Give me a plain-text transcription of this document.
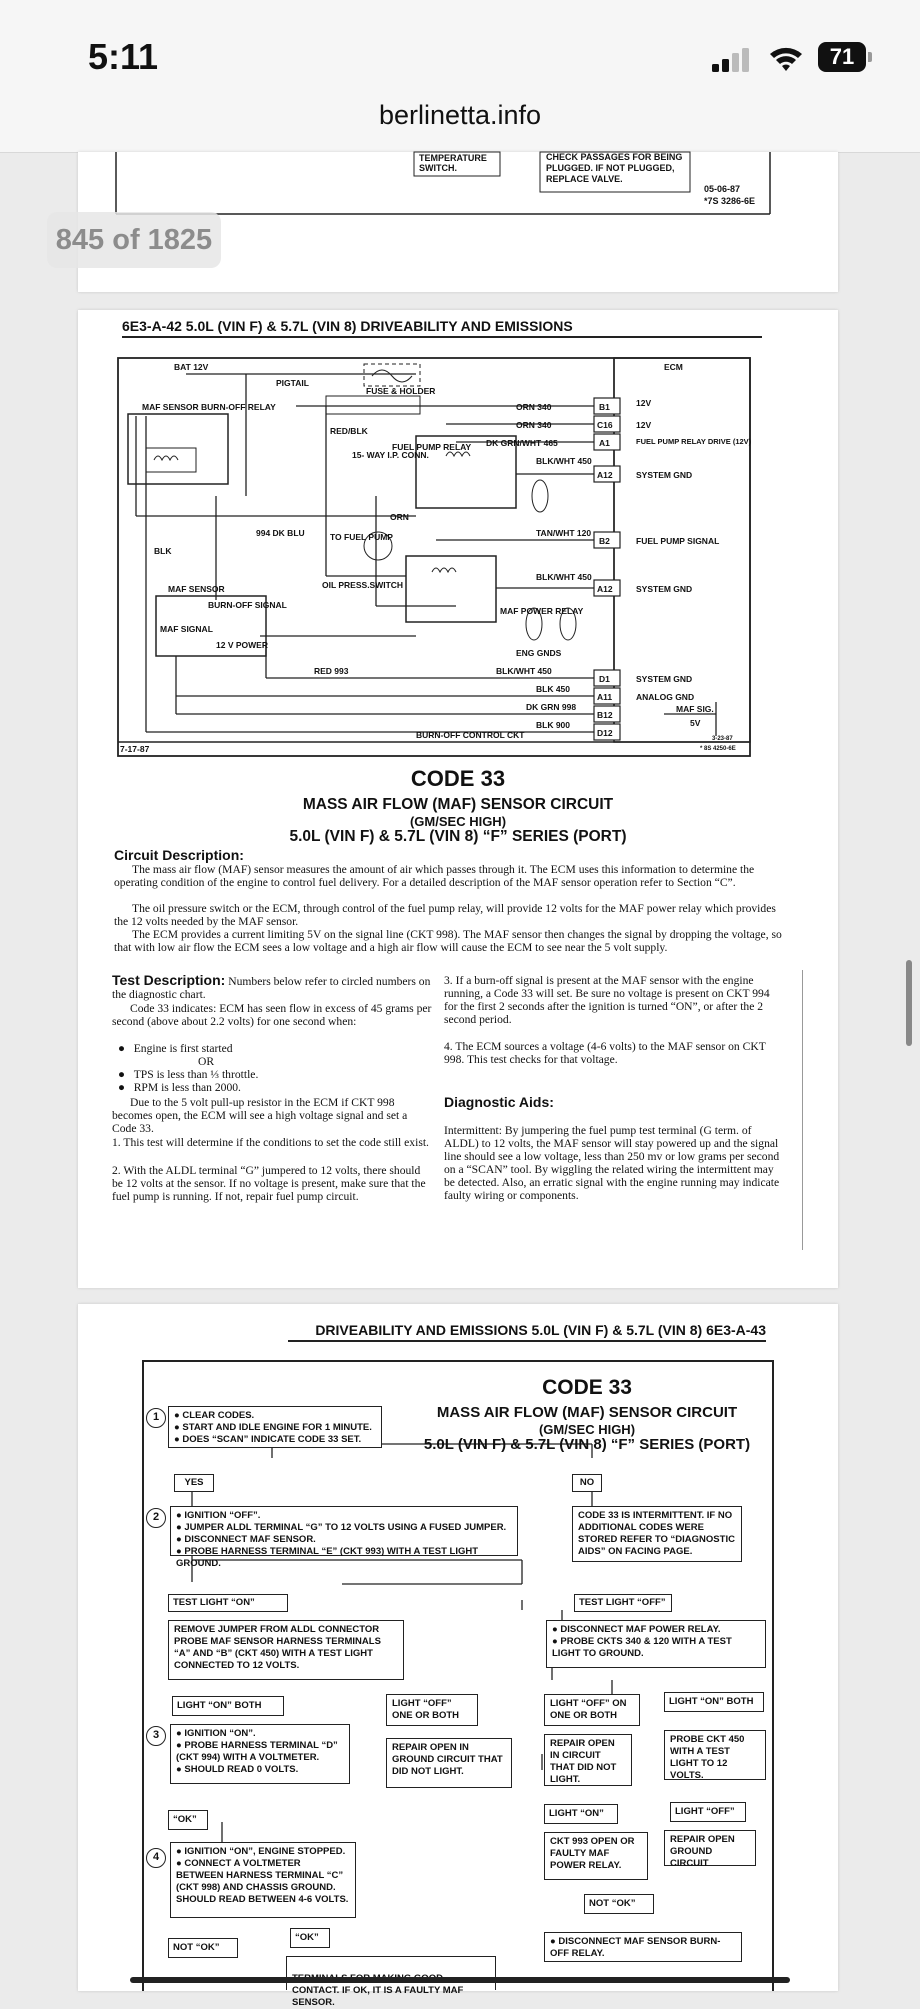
5:11	71
berlinetta.info
TEMPERATURE SWITCH.
CHECK PASSAGES FOR BEING
PLUGGED. IF NOT PLUGGED,
REPLACE VALVE.
05-06-87
*7S 3286-6E
845 of 1825
6E3-A-42 5.0L (VIN F) & 5.7L (VIN 8) DRIVEABILITY AND EMISSIONS
BAT 12V
PIGTAIL
FUSE & HOLDER
ECM
MAF SENSOR BURN-OFF RELAY
994 DK BLU
BLK
RED/BLK
15- WAY I.P. CONN.
FUEL PUMP RELAY
ORN
TO FUEL PUMP
OIL PRESS.SWITCH
MAF SENSOR
BURN-OFF SIGNAL
MAF SIGNAL
12 V POWER
RED 993
MAF POWER RELAY
ENG GNDS
BURN-OFF CONTROL CKT
ORN 340
ORN 340
DK GRN/WHT 465
BLK/WHT 450
TAN/WHT 120
BLK/WHT 450
BLK/WHT 450
BLK 450
DK GRN 998
BLK 900
B1
C16
A1
A12
B2
A12
D1
A11
B12
D12
12V
12V
FUEL PUMP RELAY DRIVE (12V)
SYSTEM GND
FUEL PUMP SIGNAL
SYSTEM GND
SYSTEM GND
ANALOG GND
MAF SIG.
5V
7-17-87
3-23-87
* 8S 4250-6E
CODE 33
MASS AIR FLOW (MAF) SENSOR CIRCUIT
(GM/SEC HIGH)
5.0L (VIN F) & 5.7L (VIN 8) “F” SERIES (PORT)
Circuit Description:
The mass air flow (MAF) sensor measures the amount of air which passes through it. The ECM uses this information to determine the operating condition of the engine to control fuel delivery. For a detailed description of the MAF sensor operation refer to Section “C”.
The oil pressure switch or the ECM, through control of the fuel pump relay, will provide 12 volts for the MAF power relay which provides the 12 volts needed by the MAF sensor.
The ECM provides a current limiting 5V on the signal line (CKT 998). The MAF sensor then changes the signal by dropping the voltage, so that with low air flow the ECM sees a low voltage and a high air flow will cause the ECM to see near the 5 volt supply.
Test Description: Numbers below refer to circled numbers on the diagnostic chart.
Code 33 indicates: ECM has seen flow in excess of 45 grams per second (above about 2.2 volts) for one second when:
●   Engine is first started
OR
●   TPS is less than ⅓ throttle.
●   RPM is less than 2000.
Due to the 5 volt pull-up resistor in the ECM if CKT 998 becomes open, the ECM will see a high voltage signal and set a Code 33.
1. This test will determine if the conditions to set the code still exist.
2. With the ALDL terminal “G” jumpered to 12 volts, there should be 12 volts at the sensor. If no voltage is present, make sure that the fuel pump is running. If not, repair fuel pump circuit.
3. If a burn-off signal is present at the MAF sensor with the engine running, a Code 33 will set. Be sure no voltage is present on CKT 994 for the first 2 seconds after the ignition is turned “ON”, or after the 2 second period.
4. The ECM sources a voltage (4-6 volts) to the MAF sensor on CKT 998. This test checks for that voltage.
Diagnostic Aids:
Intermittent: By jumpering the fuel pump test terminal (G term. of ALDL) to 12 volts, the MAF sensor will stay powered up and the signal line should see a low voltage, less than 250 mv or low grams per second on a “SCAN” tool. By wiggling the related wiring the intermittent may be detected. Also, an erratic signal with the engine running may indicate faulty wiring or components.
DRIVEABILITY AND EMISSIONS 5.0L (VIN F) & 5.7L (VIN 8) 6E3-A-43
CODE 33
MASS AIR FLOW (MAF) SENSOR CIRCUIT
(GM/SEC HIGH)
5.0L (VIN F) & 5.7L (VIN 8) “F” SERIES (PORT)
1	● CLEAR CODES.
● START AND IDLE ENGINE FOR 1 MINUTE.
● DOES “SCAN” INDICATE CODE 33 SET.
YES	NO
2	● IGNITION “OFF”.
● JUMPER ALDL TERMINAL “G” TO 12 VOLTS USING A FUSED JUMPER.
● DISCONNECT MAF SENSOR.
● PROBE HARNESS TERMINAL “E” (CKT 993) WITH A TEST LIGHT GROUND.
CODE 33 IS INTERMITTENT. IF NO ADDITIONAL CODES WERE STORED REFER TO “DIAGNOSTIC AIDS” ON FACING PAGE.
TEST LIGHT “ON”	TEST LIGHT “OFF”
REMOVE JUMPER FROM ALDL CONNECTOR PROBE MAF SENSOR HARNESS TERMINALS “A” AND “B” (CKT 450) WITH A TEST LIGHT CONNECTED TO 12 VOLTS.
● DISCONNECT MAF POWER RELAY.
● PROBE CKTS 340 & 120 WITH A TEST LIGHT TO GROUND.
LIGHT “ON” BOTH	LIGHT “OFF” ONE OR BOTH
LIGHT “OFF” ON ONE OR BOTH
LIGHT “ON” BOTH
3	● IGNITION “ON”.
● PROBE HARNESS TERMINAL “D” (CKT 994) WITH A VOLTMETER.
● SHOULD READ 0 VOLTS.
REPAIR OPEN IN GROUND CIRCUIT THAT DID NOT LIGHT.
REPAIR OPEN IN CIRCUIT THAT DID NOT LIGHT.
PROBE CKT 450 WITH A TEST LIGHT TO 12 VOLTS.
LIGHT “ON”	LIGHT “OFF”
“OK”
CKT 993 OPEN OR FAULTY MAF POWER RELAY.
REPAIR OPEN GROUND CIRCUIT
4	● IGNITION “ON”, ENGINE STOPPED.
● CONNECT A VOLTMETER BETWEEN HARNESS TERMINAL “C” (CKT 998) AND CHASSIS GROUND. SHOULD READ BETWEEN 4-6 VOLTS.	NOT “OK”
NOT “OK”
“OK”	● DISCONNECT MAF SENSOR BURN-OFF RELAY.
CONTACT. IF OK, IT IS A FAULTY MAF SENSOR.
